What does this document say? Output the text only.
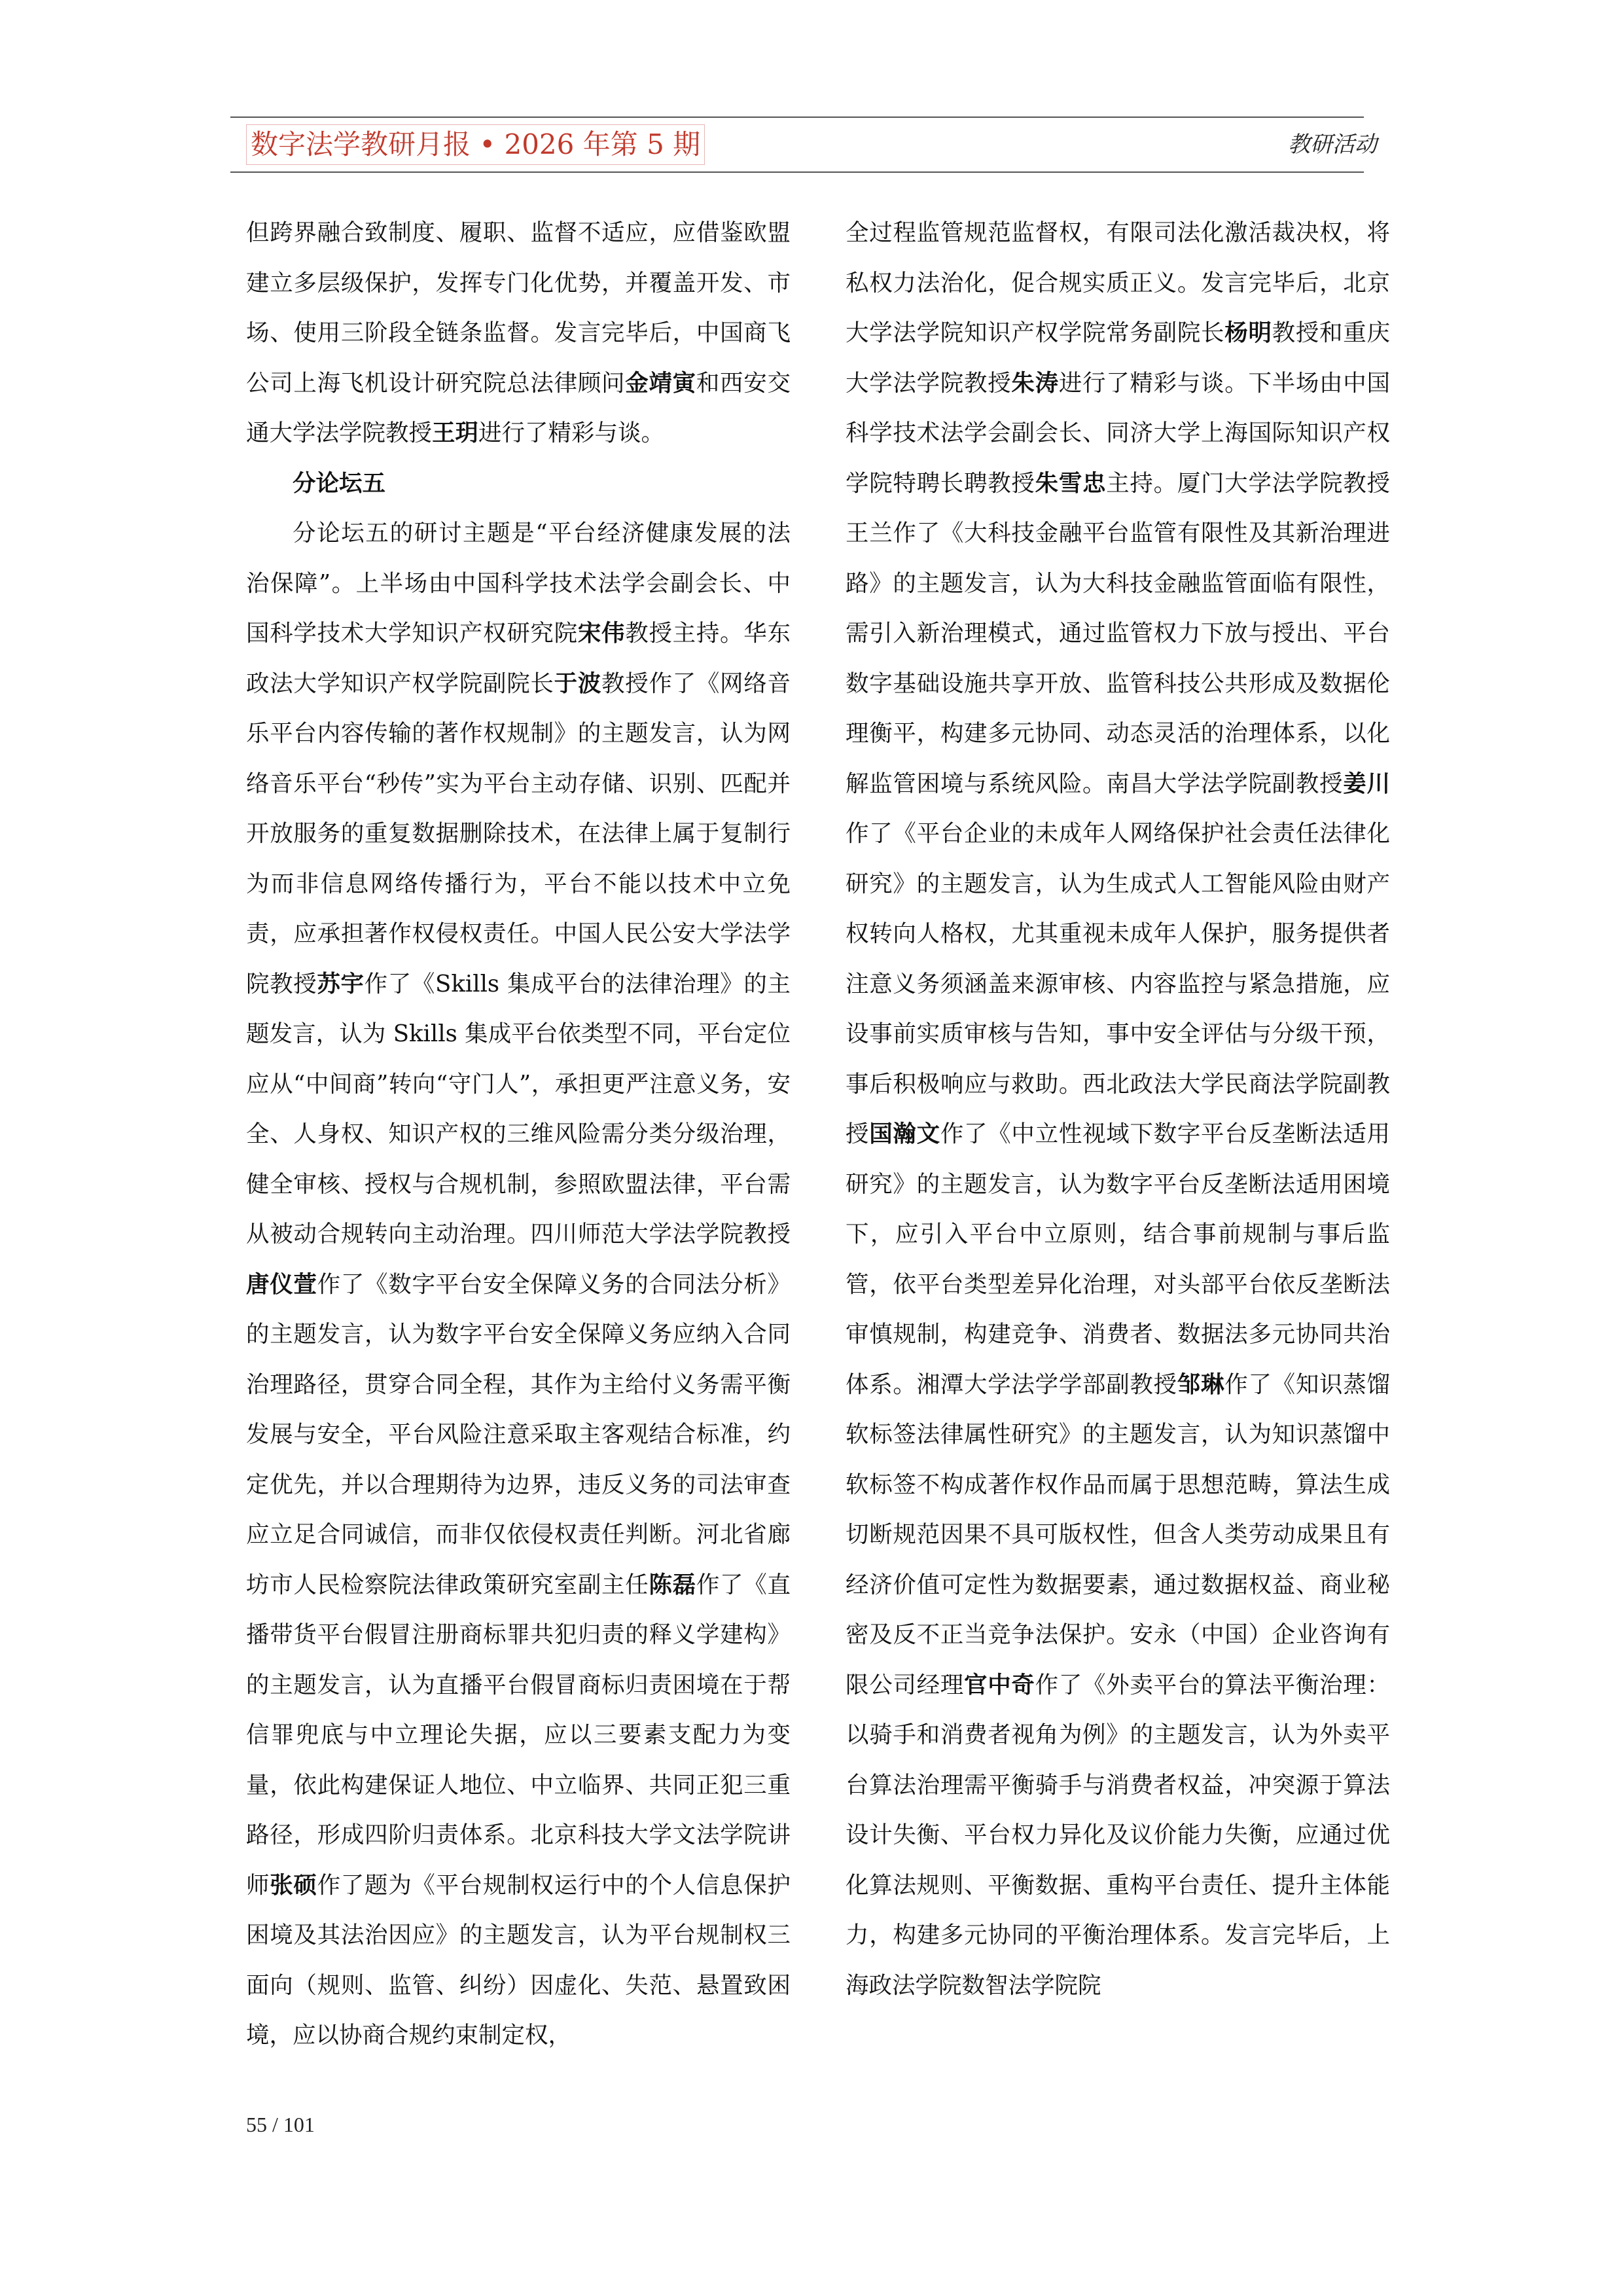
数字法学教研月报 • 2026 年第 5 期	教研活动

但跨界融合致制度、履职、监督不适应，应借鉴欧盟建立多层级保护，发挥专门化优势，并覆盖开发、市场、使用三阶段全链条监督。发言完毕后，中国商飞公司上海飞机设计研究院总法律顾问金靖寅和西安交通大学法学院教授王玥进行了精彩与谈。

分论坛五

分论坛五的研讨主题是“平台经济健康发展的法治保障”。上半场由中国科学技术法学会副会长、中国科学技术大学知识产权研究院宋伟教授主持。华东政法大学知识产权学院副院长于波教授作了《网络音乐平台内容传输的著作权规制》的主题发言，认为网络音乐平台“秒传”实为平台主动存储、识别、匹配并开放服务的重复数据删除技术，在法律上属于复制行为而非信息网络传播行为，平台不能以技术中立免责，应承担著作权侵权责任。中国人民公安大学法学院教授苏宇作了《Skills 集成平台的法律治理》的主题发言，认为 Skills 集成平台依类型不同，平台定位应从“中间商”转向“守门人”，承担更严注意义务，安全、人身权、知识产权的三维风险需分类分级治理，健全审核、授权与合规机制，参照欧盟法律，平台需从被动合规转向主动治理。四川师范大学法学院教授唐仪萱作了《数字平台安全保障义务的合同法分析》的主题发言，认为数字平台安全保障义务应纳入合同治理路径，贯穿合同全程，其作为主给付义务需平衡发展与安全，平台风险注意采取主客观结合标准，约定优先，并以合理期待为边界，违反义务的司法审查应立足合同诚信，而非仅依侵权责任判断。河北省廊坊市人民检察院法律政策研究室副主任陈磊作了《直播带货平台假冒注册商标罪共犯归责的释义学建构》的主题发言，认为直播平台假冒商标归责困境在于帮信罪兜底与中立理论失据，应以三要素支配力为变量，依此构建保证人地位、中立临界、共同正犯三重路径，形成四阶归责体系。北京科技大学文法学院讲师张硕作了题为《平台规制权运行中的个人信息保护困境及其法治因应》的主题发言，认为平台规制权三面向（规则、监管、纠纷）因虚化、失范、悬置致困境，应以协商合规约束制定权，

全过程监管规范监督权，有限司法化激活裁决权，将私权力法治化，促合规实质正义。发言完毕后，北京大学法学院知识产权学院常务副院长杨明教授和重庆大学法学院教授朱涛进行了精彩与谈。下半场由中国科学技术法学会副会长、同济大学上海国际知识产权学院特聘长聘教授朱雪忠主持。厦门大学法学院教授王兰作了《大科技金融平台监管有限性及其新治理进路》的主题发言，认为大科技金融监管面临有限性，需引入新治理模式，通过监管权力下放与授出、平台数字基础设施共享开放、监管科技公共形成及数据伦理衡平，构建多元协同、动态灵活的治理体系，以化解监管困境与系统风险。南昌大学法学院副教授姜川作了《平台企业的未成年人网络保护社会责任法律化研究》的主题发言，认为生成式人工智能风险由财产权转向人格权，尤其重视未成年人保护，服务提供者注意义务须涵盖来源审核、内容监控与紧急措施，应设事前实质审核与告知，事中安全评估与分级干预，事后积极响应与救助。西北政法大学民商法学院副教授国瀚文作了《中立性视域下数字平台反垄断法适用研究》的主题发言，认为数字平台反垄断法适用困境下，应引入平台中立原则，结合事前规制与事后监管，依平台类型差异化治理，对头部平台依反垄断法审慎规制，构建竞争、消费者、数据法多元协同共治体系。湘潭大学法学学部副教授邹琳作了《知识蒸馏软标签法律属性研究》的主题发言，认为知识蒸馏中软标签不构成著作权作品而属于思想范畴，算法生成切断规范因果不具可版权性，但含人类劳动成果且有经济价值可定性为数据要素，通过数据权益、商业秘密及反不正当竞争法保护。安永（中国）企业咨询有限公司经理官中奇作了《外卖平台的算法平衡治理：以骑手和消费者视角为例》的主题发言，认为外卖平台算法治理需平衡骑手与消费者权益，冲突源于算法设计失衡、平台权力异化及议价能力失衡，应通过优化算法规则、平衡数据、重构平台责任、提升主体能力，构建多元协同的平衡治理体系。发言完毕后，上海政法学院数智法学院院

55 / 101
